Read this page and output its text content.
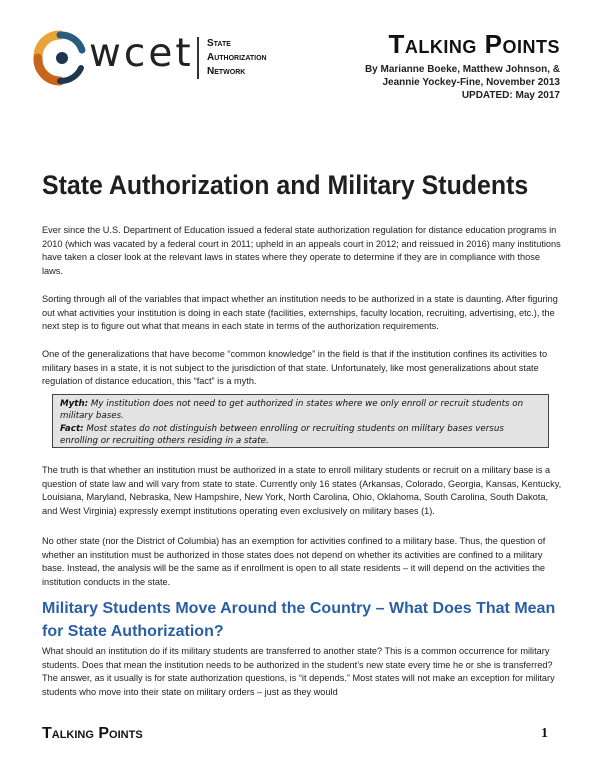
wcet State
Authorization
Network
Talking Points
By Marianne Boeke, Matthew Johnson, &
Jeannie Yockey-Fine, November 2013
UPDATED: May 2017
State Authorization and Military Students

Ever since the U.S. Department of Education issued a federal state authorization regulation for distance education programs in 2010 (which was vacated by a federal court in 2011; upheld in an appeals court in 2012; and reissued in 2016) many institutions have taken a closer look at the relevant laws in states where they operate to determine if they are in compliance with those laws.

Sorting through all of the variables that impact whether an institution needs to be authorized in a state is daunting. After figuring out what activities your institution is doing in each state (facilities, externships, faculty location, recruiting, advertising, etc.), the next step is to figure out what that means in each state in terms of the authorization requirements.

One of the generalizations that have become “common knowledge” in the field is that if the institution confines its activities to military bases in a state, it is not subject to the jurisdiction of that state. Unfortunately, like most generalizations about state regulation of distance education, this “fact” is a myth.

Myth: My institution does not need to get authorized in states where we only enroll or recruit students on military bases.
Fact: Most states do not distinguish between enrolling or recruiting students on military bases versus enrolling or recruiting others residing in a state.

The truth is that whether an institution must be authorized in a state to enroll military students or recruit on a military base is a question of state law and will vary from state to state. Currently only 16 states (Arkansas, Colorado, Georgia, Kansas, Kentucky, Louisiana, Maryland, Nebraska, New Hampshire, New York, North Carolina, Ohio, Oklahoma, South Carolina, South Dakota, and West Virginia) expressly exempt institutions operating even exclusively on military bases (1).

No other state (nor the District of Columbia) has an exemption for activities confined to a military base. Thus, the question of whether an institution must be authorized in those states does not depend on whether its activities are confined to a military base. Instead, the analysis will be the same as if enrollment is open to all state residents – it will depend on the activities the institution conducts in the state.

Military Students Move Around the Country – What Does That Mean for State Authorization?

What should an institution do if its military students are transferred to another state? This is a common occurrence for military students. Does that mean the institution needs to be authorized in the student’s new state every time he or she is transferred? The answer, as it usually is for state authorization questions, is “it depends.” Most states will not make an exception for military students who move into their state on military orders – just as they would

Talking Points	1
